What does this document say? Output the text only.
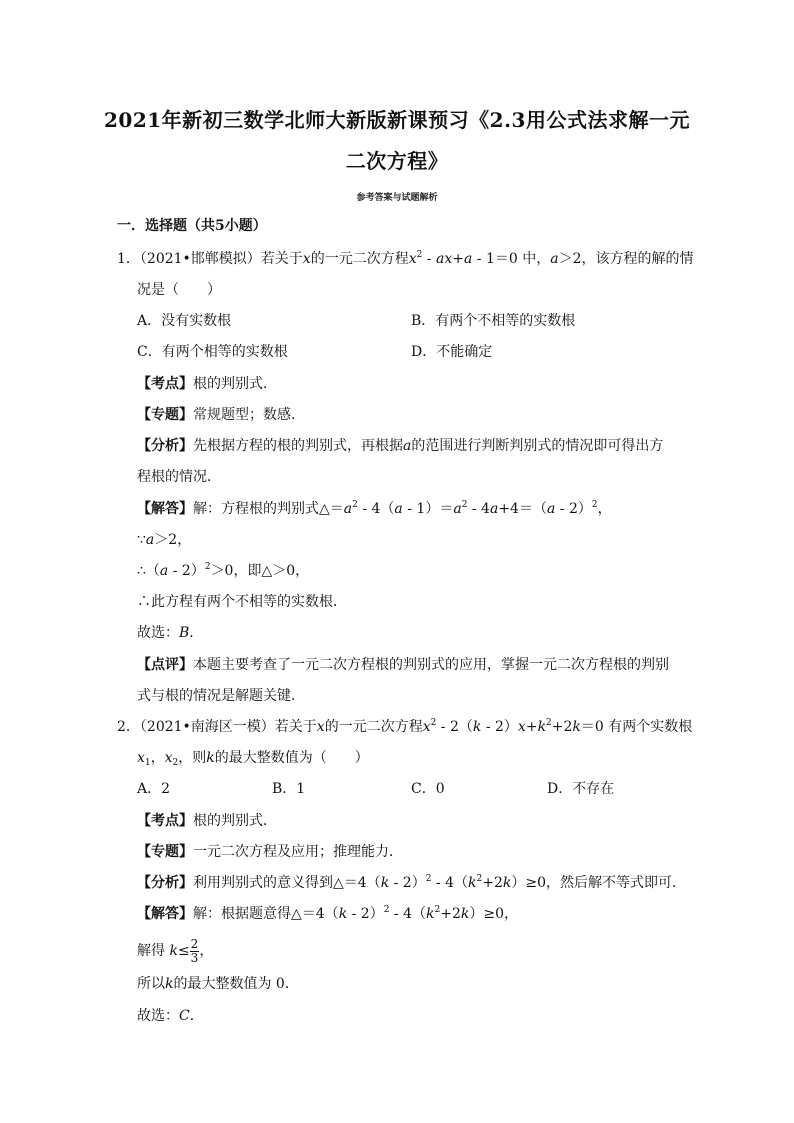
2021年新初三数学北师大新版新课预习《2.3用公式法求解一元
二次方程》
参考答案与试题解析
一．选择题（共5小题）
1．（2021•邯郸模拟）若关于x的一元二次方程$x^2 - ax+a - 1=0$ 中，a＞2，该方程的解的情
况是（　　）
A．没有实数根	B．有两个不相等的实数根
C．有两个相等的实数根	D．不能确定
【考点】根的判别式．
【专题】常规题型；数感．
【分析】先根据方程的根的判别式，再根据a的范围进行判断判别式的情况即可得出方
程根的情况．
【解答】解：方程根的判别式$\triangle=a^2 - 4(a - 1)=a^2 - 4a+4=(a - 2)^2$，
∵a＞2，
∴（a - 2）$^2$＞0，即△＞0，
∴此方程有两个不相等的实数根．
故选：B．
【点评】本题主要考查了一元二次方程根的判别式的应用，掌握一元二次方程根的判别
式与根的情况是解题关键．
2．（2021•南海区一模）若关于x的一元二次方程$x^2 - 2(k - 2)x+k^2+2k=0$ 有两个实数根
$x_1$，$x_2$，则k的最大整数值为（　　）
A．2	B．1	C．0	D．不存在
【考点】根的判别式．
【专题】一元二次方程及应用；推理能力．
【分析】利用判别式的意义得到△＝4（k - $2)^2 - 4(k^2+2k)\ge 0$，然后解不等式即可．
【解答】解：根据题意得△＝4（k - $2)^2 - 4(k^2+2k)\ge 0$，
解得 $k\le \frac{2}{3}$ ，
所以k的最大整数值为 0．
故选：C．
